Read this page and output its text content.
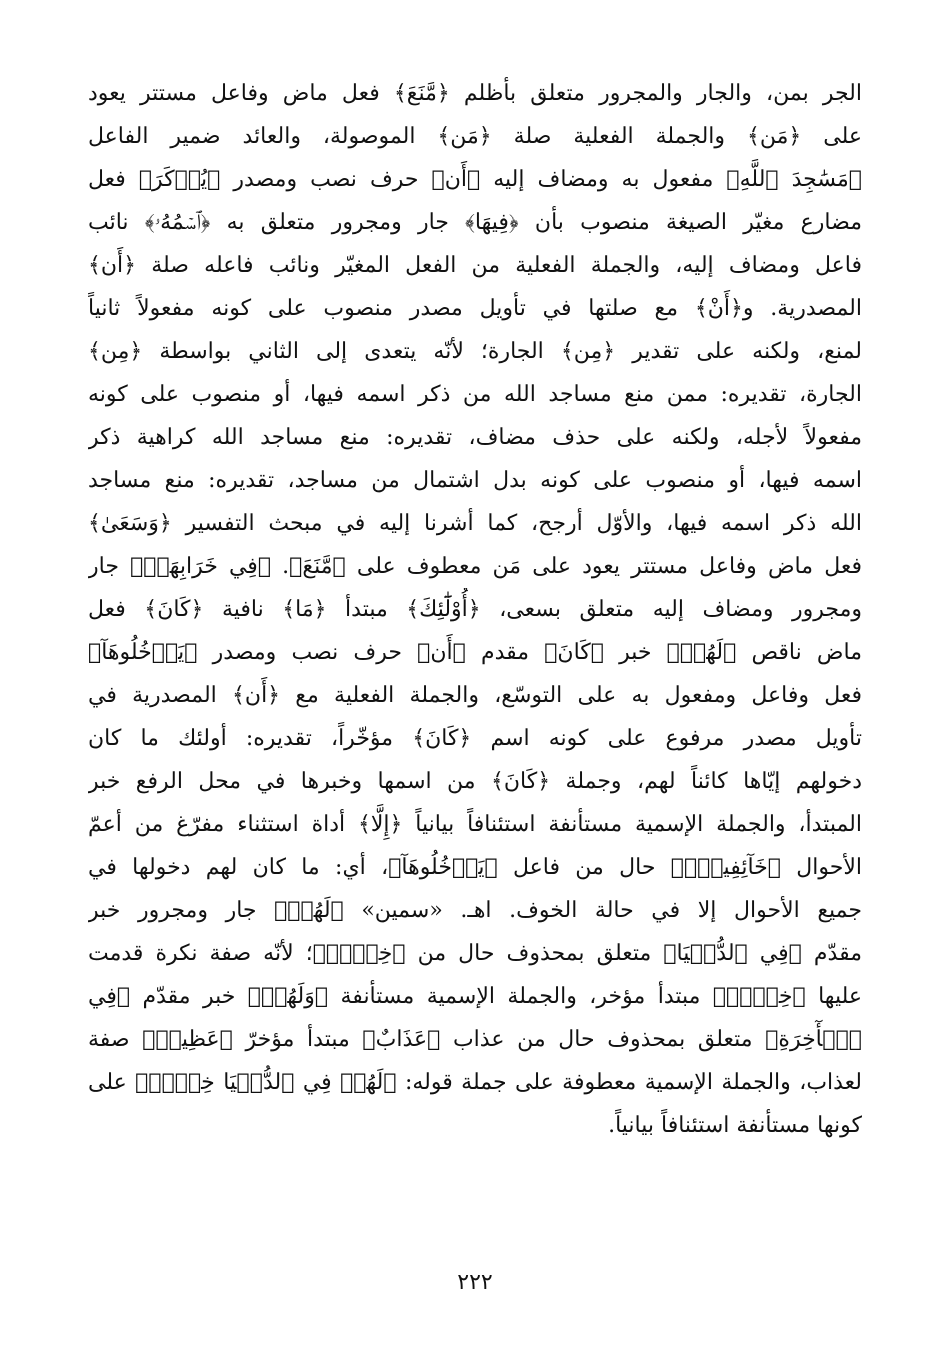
الجر بمن، والجار والمجرور متعلق بأظلم ﴿مَّنَعَ﴾ فعل ماض وفاعل مستتر يعود
على ﴿مَن﴾ والجملة الفعلية صلة ﴿مَن﴾ الموصولة، والعائد ضمير الفاعل
﴿مَسَٰجِدَ ٱللَّهِ﴾ مفعول به ومضاف إليه ﴿أَن﴾ حرف نصب ومصدر ﴿يُذۡكَرَ﴾ فعل
مضارع مغيّر الصيغة منصوب بأن ﴿فِيهَا﴾ جار ومجرور متعلق به ﴿ٱسۡمُهُۥ﴾ نائب
فاعل ومضاف إليه، والجملة الفعلية من الفعل المغيّر ونائب فاعله صلة ﴿أَن﴾
المصدرية. و﴿أَنْ﴾ مع صلتها في تأويل مصدر منصوب على كونه مفعولاً ثانياً
لمنع، ولكنه على تقدير ﴿مِن﴾ الجارة؛ لأنّه يتعدى إلى الثاني بواسطة ﴿مِن﴾
الجارة، تقديره: ممن منع مساجد الله من ذكر اسمه فيها، أو منصوب على كونه
مفعولاً لأجله، ولكنه على حذف مضاف، تقديره: منع مساجد الله كراهية ذكر
اسمه فيها، أو منصوب على كونه بدل اشتمال من مساجد، تقديره: منع مساجد
الله ذكر اسمه فيها، والأوّل أرجح، كما أشرنا إليه في مبحث التفسير ﴿وَسَعَىٰ﴾
فعل ماض وفاعل مستتر يعود على مَن معطوف على ﴿مَّنَعَ﴾. ﴿فِي خَرَابِهَآۚ﴾ جار
ومجرور ومضاف إليه متعلق بسعى، ﴿أُوْلَٰٓئِكَ﴾ مبتدأ ﴿مَا﴾ نافية ﴿كَانَ﴾ فعل
ماض ناقص ﴿لَهُمۡ﴾ خبر ﴿كَانَ﴾ مقدم ﴿أَن﴾ حرف نصب ومصدر ﴿يَدۡخُلُوهَآ﴾
فعل وفاعل ومفعول به على التوسّع، والجملة الفعلية مع ﴿أَن﴾ المصدرية في
تأويل مصدر مرفوع على كونه اسم ﴿كَانَ﴾ مؤخّراً، تقديره: أولئك ما كان
دخولهم إيّاها كائناً لهم، وجملة ﴿كَانَ﴾ من اسمها وخبرها في محل الرفع خبر
المبتدأ، والجملة الإسمية مستأنفة استئنافاً بيانياً ﴿إِلَّا﴾ أداة استثناء مفرّغ من أعمّ
الأحوال ﴿خَآئِفِينَۚ﴾ حال من فاعل ﴿يَدۡخُلُوهَآ﴾، أي: ما كان لهم دخولها في
جميع الأحوال إلا في حالة الخوف. اهـ. «سمين» ﴿لَهُمۡ﴾ جار ومجرور خبر
مقدّم ﴿فِي ٱلدُّنۡيَا﴾ متعلق بمحذوف حال من ﴿خِزۡيٞ﴾؛ لأنّه صفة نكرة قدمت
عليها ﴿خِزۡيٞ﴾ مبتدأ مؤخر، والجملة الإسمية مستأنفة ﴿وَلَهُمۡ﴾ خبر مقدّم ﴿فِي
ٱلۡأٓخِرَةِ﴾ متعلق بمحذوف حال من عذاب ﴿عَذَابٌ﴾ مبتدأ مؤخرّ ﴿عَظِيمٞ﴾ صفة
لعذاب، والجملة الإسمية معطوفة على جملة قوله: ﴿لَهُمۡ فِي ٱلدُّنۡيَا خِزۡيٞ﴾ على
كونها مستأنفة استئنافاً بيانياً.
٢٢٢
